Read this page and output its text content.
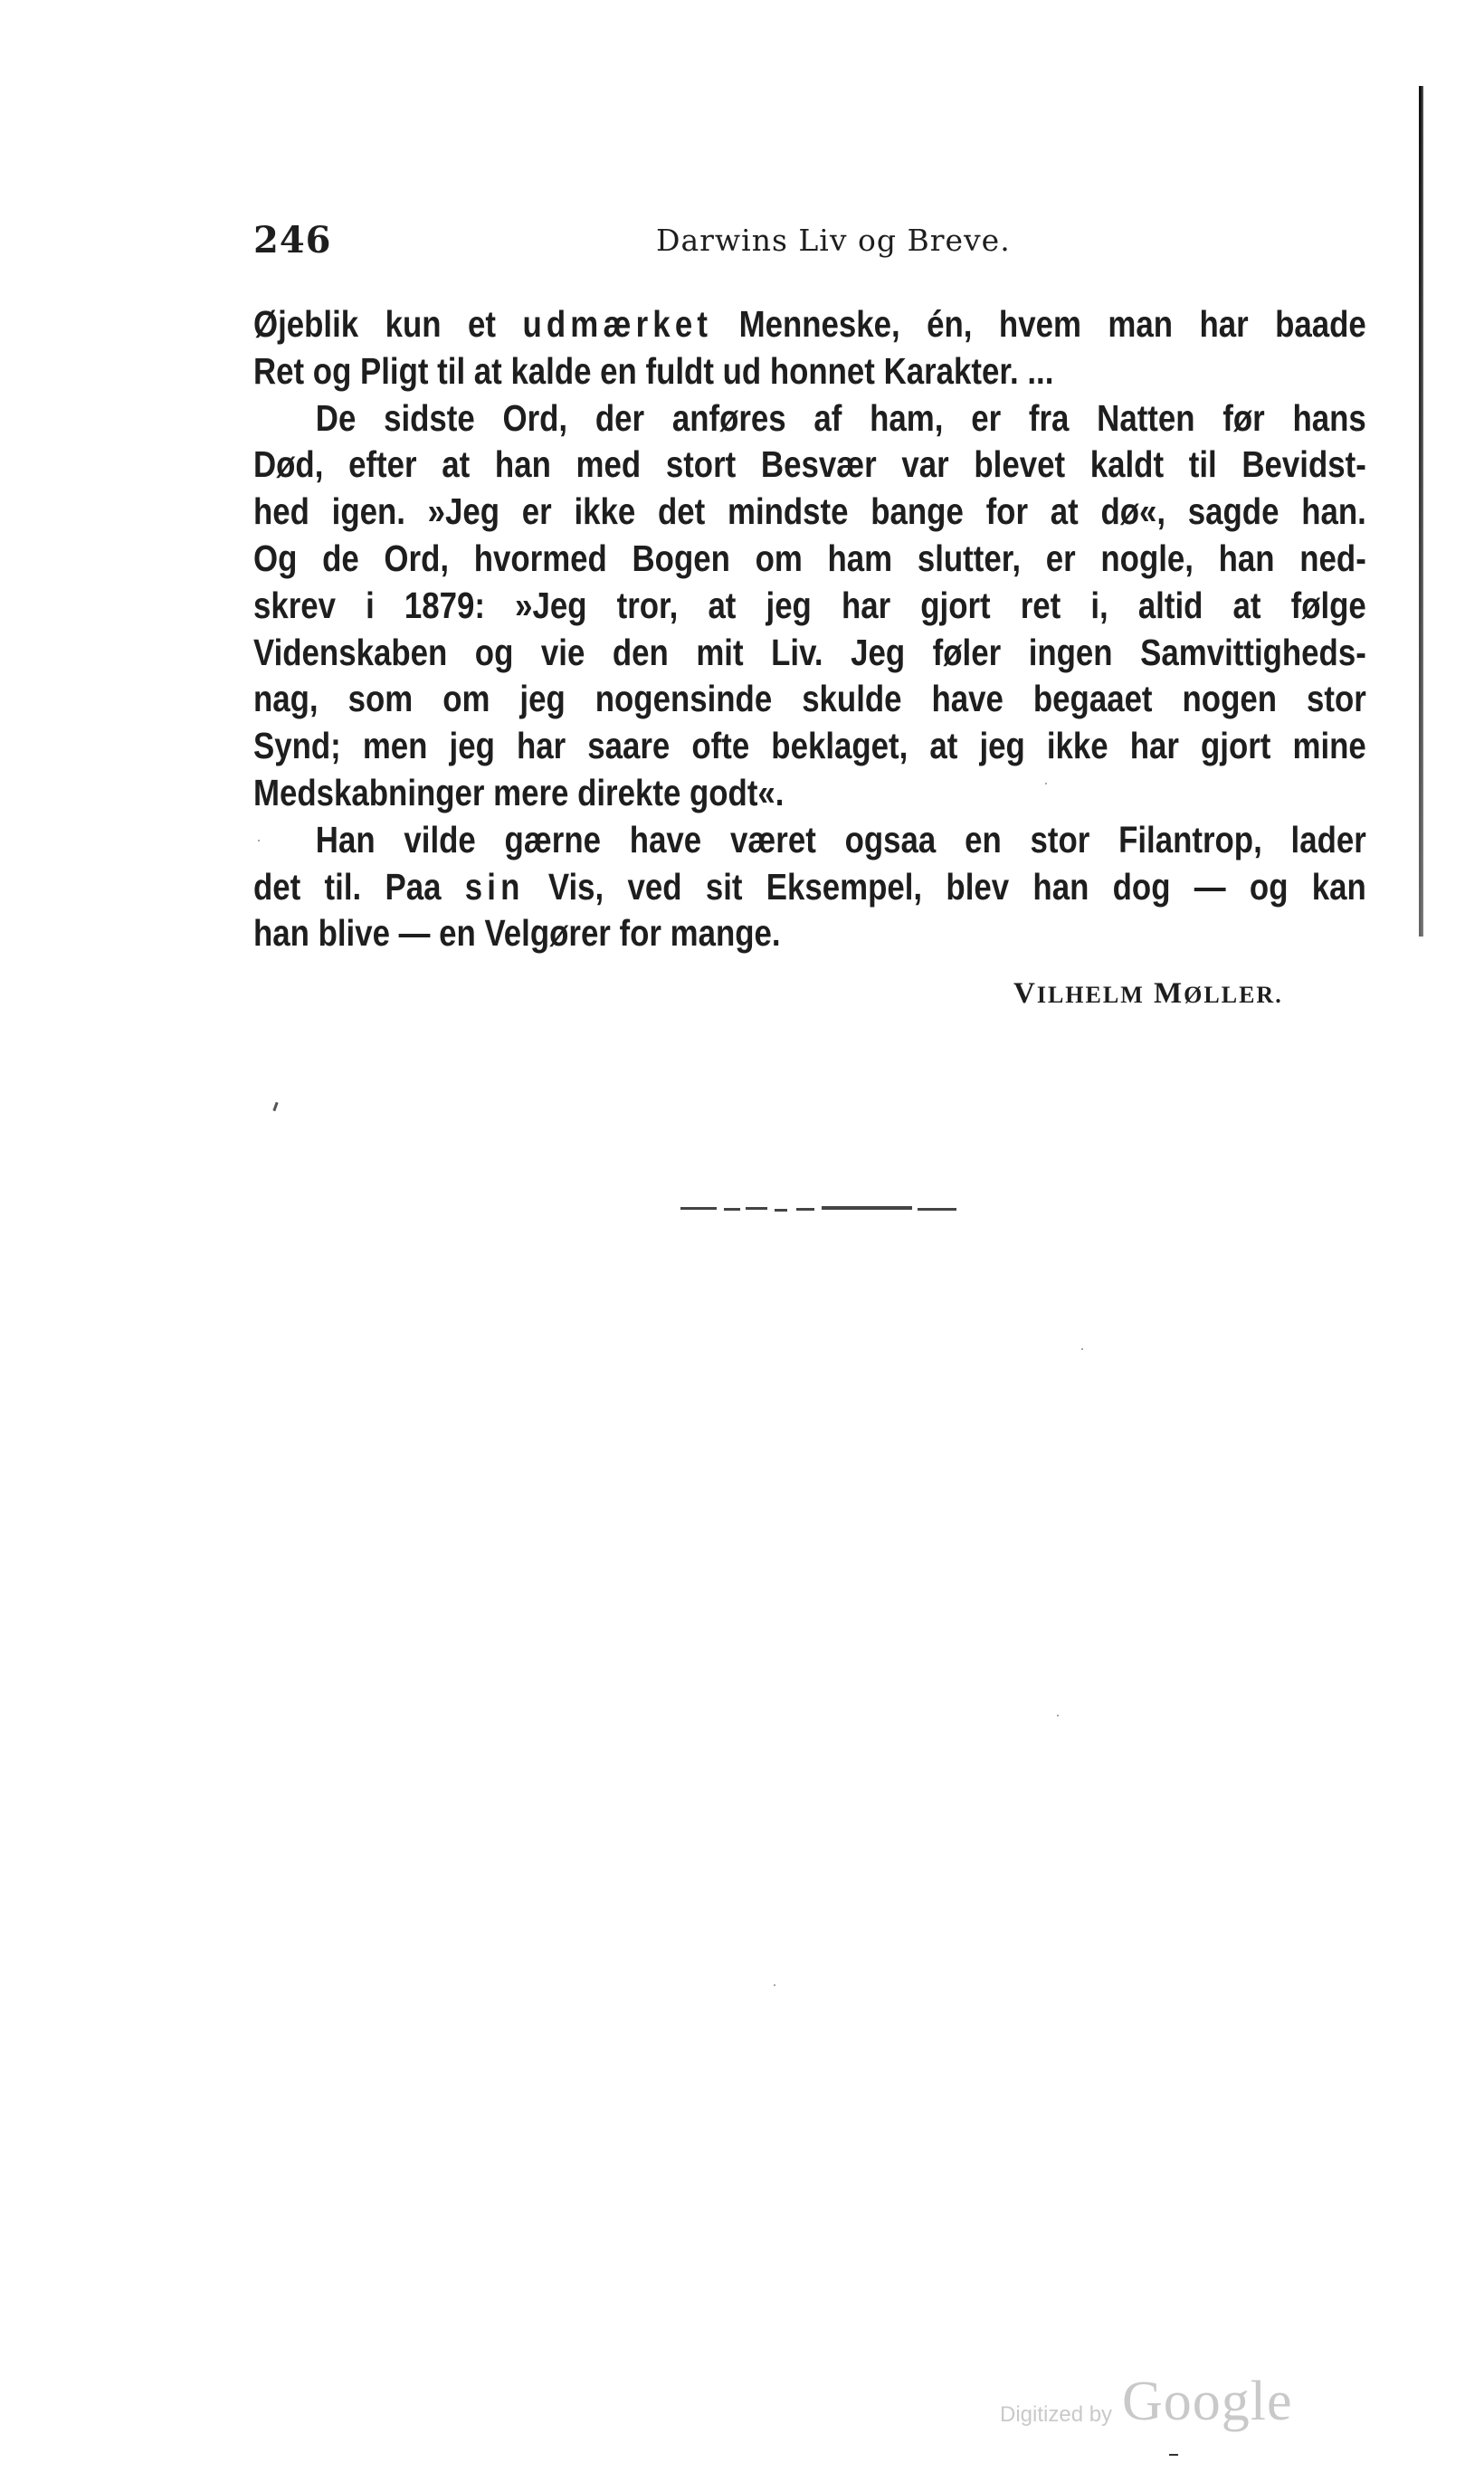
246	Darwins Liv og Breve.
Øjeblik kun et udmærket Menneske, én, hvem man har baade
Ret og Pligt til at kalde en fuldt ud honnet Karakter. ...
De sidste Ord, der anføres af ham, er fra Natten før hans
Død, efter at han med stort Besvær var blevet kaldt til Bevidst-
hed igen. »Jeg er ikke det mindste bange for at dø«, sagde han.
Og de Ord, hvormed Bogen om ham slutter, er nogle, han ned-
skrev i 1879: »Jeg tror, at jeg har gjort ret i, altid at følge
Videnskaben og vie den mit Liv. Jeg føler ingen Samvittigheds-
nag, som om jeg nogensinde skulde have begaaet nogen stor
Synd; men jeg har saare ofte beklaget, at jeg ikke har gjort mine
Medskabninger mere direkte godt«.
Han vilde gærne have været ogsaa en stor Filantrop, lader
det til. Paa sin Vis, ved sit Eksempel, blev han dog — og kan
han blive — en Velgører for mange.
VILHELM MØLLER.
Digitized by Google
